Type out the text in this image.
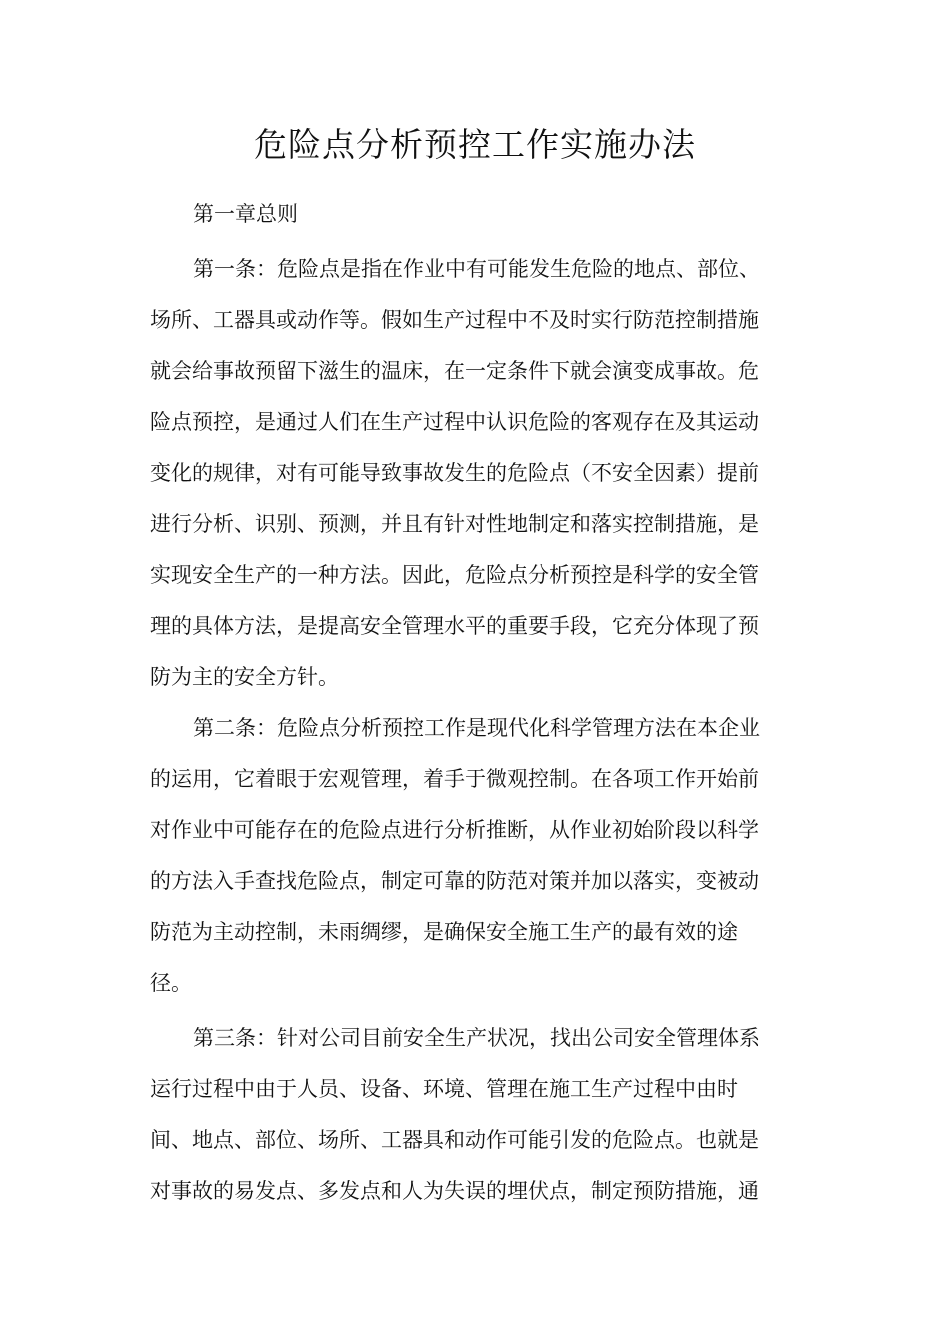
危险点分析预控工作实施办法
第一章总则
第一条：危险点是指在作业中有可能发生危险的地点、部位、
场所、工器具或动作等。假如生产过程中不及时实行防范控制措施
就会给事故预留下滋生的温床，在一定条件下就会演变成事故。危
险点预控，是通过人们在生产过程中认识危险的客观存在及其运动
变化的规律，对有可能导致事故发生的危险点（不安全因素）提前
进行分析、识别、预测，并且有针对性地制定和落实控制措施，是
实现安全生产的一种方法。因此，危险点分析预控是科学的安全管
理的具体方法，是提高安全管理水平的重要手段，它充分体现了预
防为主的安全方针。
第二条：危险点分析预控工作是现代化科学管理方法在本企业
的运用，它着眼于宏观管理，着手于微观控制。在各项工作开始前
对作业中可能存在的危险点进行分析推断，从作业初始阶段以科学
的方法入手查找危险点，制定可靠的防范对策并加以落实，变被动
防范为主动控制，未雨绸缪，是确保安全施工生产的最有效的途
径。
第三条：针对公司目前安全生产状况，找出公司安全管理体系
运行过程中由于人员、设备、环境、管理在施工生产过程中由时
间、地点、部位、场所、工器具和动作可能引发的危险点。也就是
对事故的易发点、多发点和人为失误的埋伏点，制定预防措施，通
